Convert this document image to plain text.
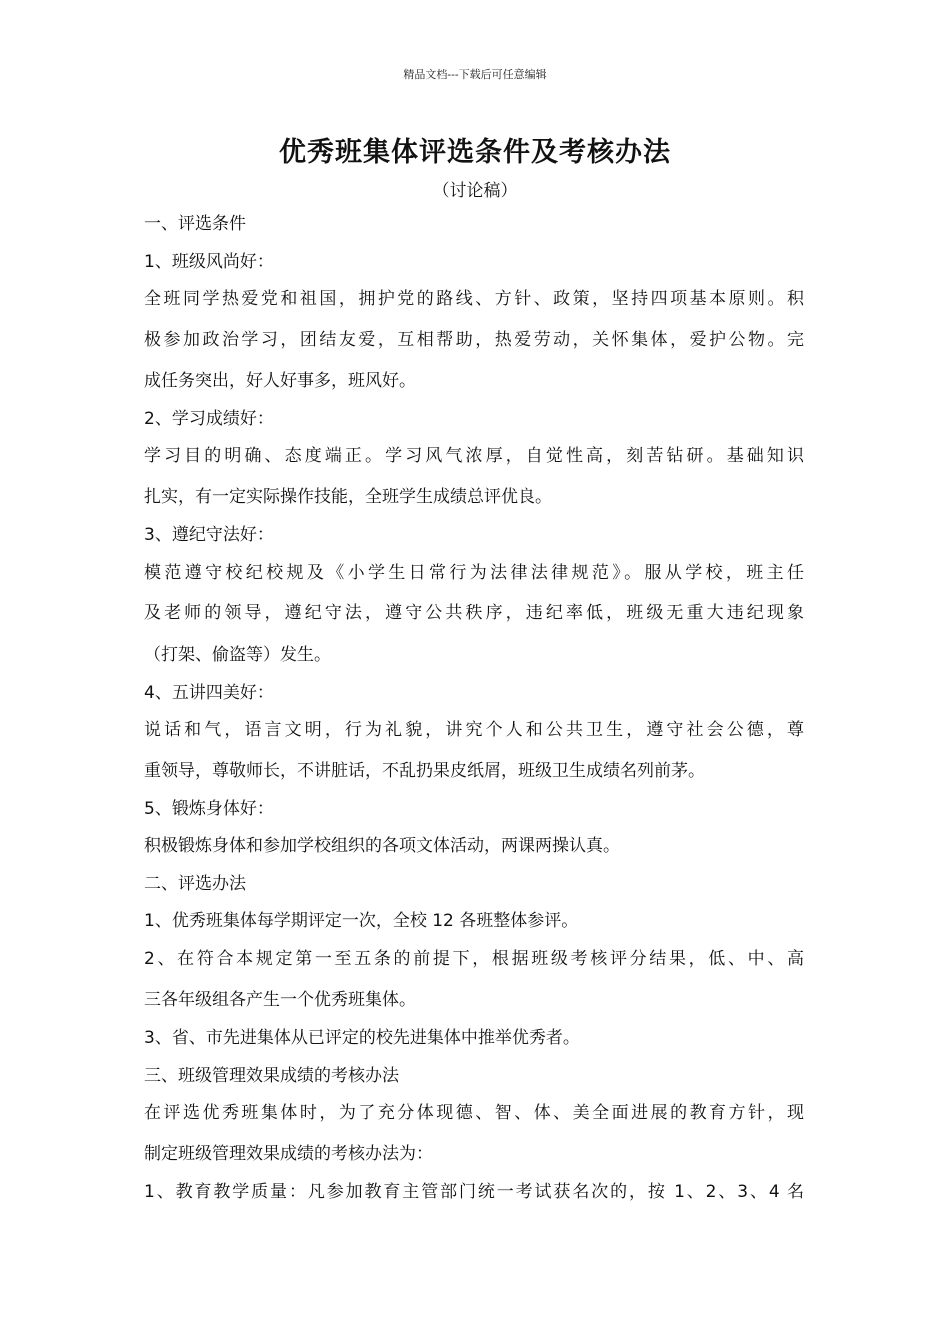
精品文档---下载后可任意编辑
优秀班集体评选条件及考核办法
（讨论稿）
一、评选条件
1、班级风尚好：
全班同学热爱党和祖国，拥护党的路线、方针、政策，坚持四项基本原则。积
极参加政治学习，团结友爱，互相帮助，热爱劳动，关怀集体，爱护公物。完
成任务突出，好人好事多，班风好。
2、学习成绩好：
学习目的明确、态度端正。学习风气浓厚，自觉性高，刻苦钻研。基础知识
扎实，有一定实际操作技能，全班学生成绩总评优良。
3、遵纪守法好：
模范遵守校纪校规及《小学生日常行为法律法律规范》。服从学校，班主任
及老师的领导，遵纪守法，遵守公共秩序，违纪率低，班级无重大违纪现象
（打架、偷盗等）发生。
4、五讲四美好：
说话和气，语言文明，行为礼貌，讲究个人和公共卫生，遵守社会公德，尊
重领导，尊敬师长，不讲脏话，不乱扔果皮纸屑，班级卫生成绩名列前茅。
5、锻炼身体好：
积极锻炼身体和参加学校组织的各项文体活动，两课两操认真。
二、评选办法
1、优秀班集体每学期评定一次，全校 12 各班整体参评。
2、在符合本规定第一至五条的前提下，根据班级考核评分结果，低、中、高
三各年级组各产生一个优秀班集体。
3、省、市先进集体从已评定的校先进集体中推举优秀者。
三、班级管理效果成绩的考核办法
在评选优秀班集体时，为了充分体现德、智、体、美全面进展的教育方针，现
制定班级管理效果成绩的考核办法为：
1、教育教学质量：凡参加教育主管部门统一考试获名次的，按 1、2、3、4 名
